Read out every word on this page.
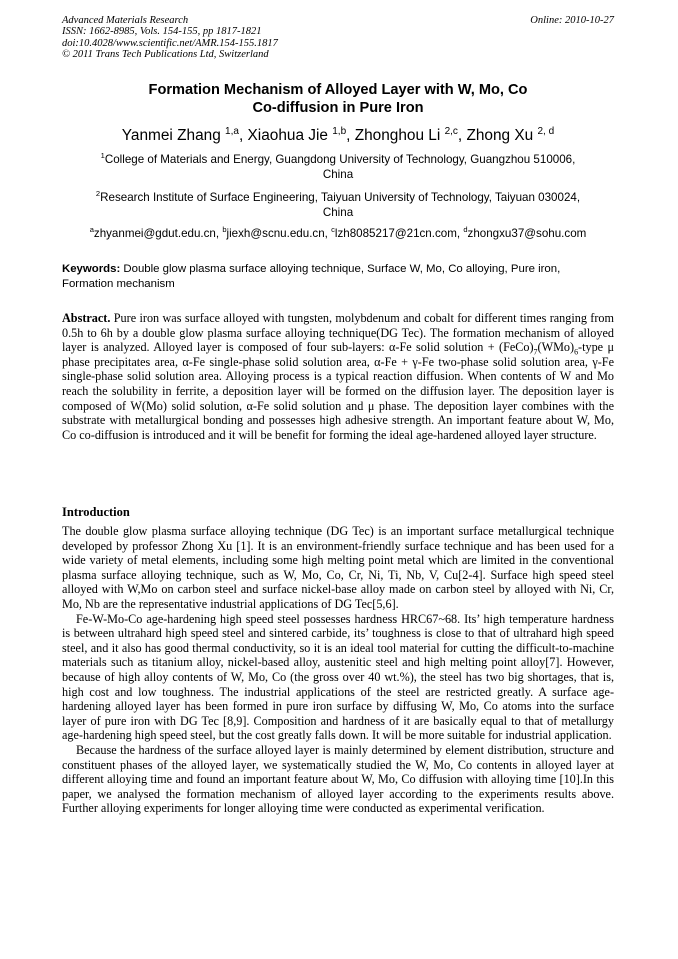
Advanced Materials Research
ISSN: 1662-8985, Vols. 154-155, pp 1817-1821
doi:10.4028/www.scientific.net/AMR.154-155.1817
© 2011 Trans Tech Publications Ltd, Switzerland
Online: 2010-10-27
Formation Mechanism of Alloyed Layer with W, Mo, Co
Co-diffusion in Pure Iron
Yanmei Zhang $^{1,a}$, Xiaohua Jie $^{1,b}$, Zhonghou Li $^{2,c}$, Zhong Xu $^{2, d}$
$^1$College of Materials and Energy, Guangdong University of Technology, Guangzhou 510006,
China
$^2$Research Institute of Surface Engineering, Taiyuan University of Technology, Taiyuan 030024,
China
$^a$zhyanmei@gdut.edu.cn, $^b$jiexh@scnu.edu.cn, $^c$lzh8085217@21cn.com, $^d$zhongxu37@sohu.com
Keywords: Double glow plasma surface alloying technique, Surface W, Mo, Co alloying, Pure iron, Formation mechanism

Abstract. Pure iron was surface alloyed with tungsten, molybdenum and cobalt for different times ranging from 0.5h to 6h by a double glow plasma surface alloying technique(DG Tec). The formation mechanism of alloyed layer is analyzed. Alloyed layer is composed of four sub-layers: α-Fe solid solution + $(FeCo)_7(WMo)_6$-type μ phase precipitates area, α-Fe single-phase solid solution area, α-Fe + γ-Fe two-phase solid solution area, γ-Fe single-phase solid solution area. Alloying process is a typical reaction diffusion. When contents of W and Mo reach the solubility in ferrite, a deposition layer will be formed on the diffusion layer. The deposition layer is composed of W(Mo) solid solution, α-Fe solid solution and μ phase. The deposition layer combines with the substrate with metallurgical bonding and possesses high adhesive strength. An important feature about W, Mo, Co co-diffusion is introduced and it will be benefit for forming the ideal age-hardened alloyed layer structure.

Introduction

The double glow plasma surface alloying technique (DG Tec) is an important surface metallurgical technique developed by professor Zhong Xu [1]. It is an environment-friendly surface technique and has been used for a wide variety of metal elements, including some high melting point metal which are limited in the conventional plasma surface alloying technique, such as W, Mo, Co, Cr, Ni, Ti, Nb, V, Cu[2-4]. Surface high speed steel alloyed with W,Mo on carbon steel and surface nickel-base alloy made on carbon steel by alloyed with Ni, Cr, Mo, Nb are the representative industrial applications of DG Tec[5,6].

Fe-W-Mo-Co age-hardening high speed steel possesses hardness HRC67~68. Its’ high temperature hardness is between ultrahard high speed steel and sintered carbide, its’ toughness is close to that of ultrahard high speed steel, and it also has good thermal conductivity, so it is an ideal tool material for cutting the difficult-to-machine materials such as titanium alloy, nickel-based alloy, austenitic steel and high melting point alloy[7]. However, because of high alloy contents of W, Mo, Co (the gross over 40 wt.%), the steel has two big shortages, that is, high cost and low toughness. The industrial applications of the steel are restricted greatly. A surface age-hardening alloyed layer has been formed in pure iron surface by diffusing W, Mo, Co atoms into the surface layer of pure iron with DG Tec [8,9]. Composition and hardness of it are basically equal to that of metallurgy age-hardening high speed steel, but the cost greatly falls down. It will be more suitable for industrial application.

Because the hardness of the surface alloyed layer is mainly determined by element distribution, structure and constituent phases of the alloyed layer, we systematically studied the W, Mo, Co contents in alloyed layer at different alloying time and found an important feature about W, Mo, Co diffusion with alloying time [10].In this paper, we analysed the formation mechanism of alloyed layer according to the experiments results above. Further alloying experiments for longer alloying time were conducted as experimental verification.
